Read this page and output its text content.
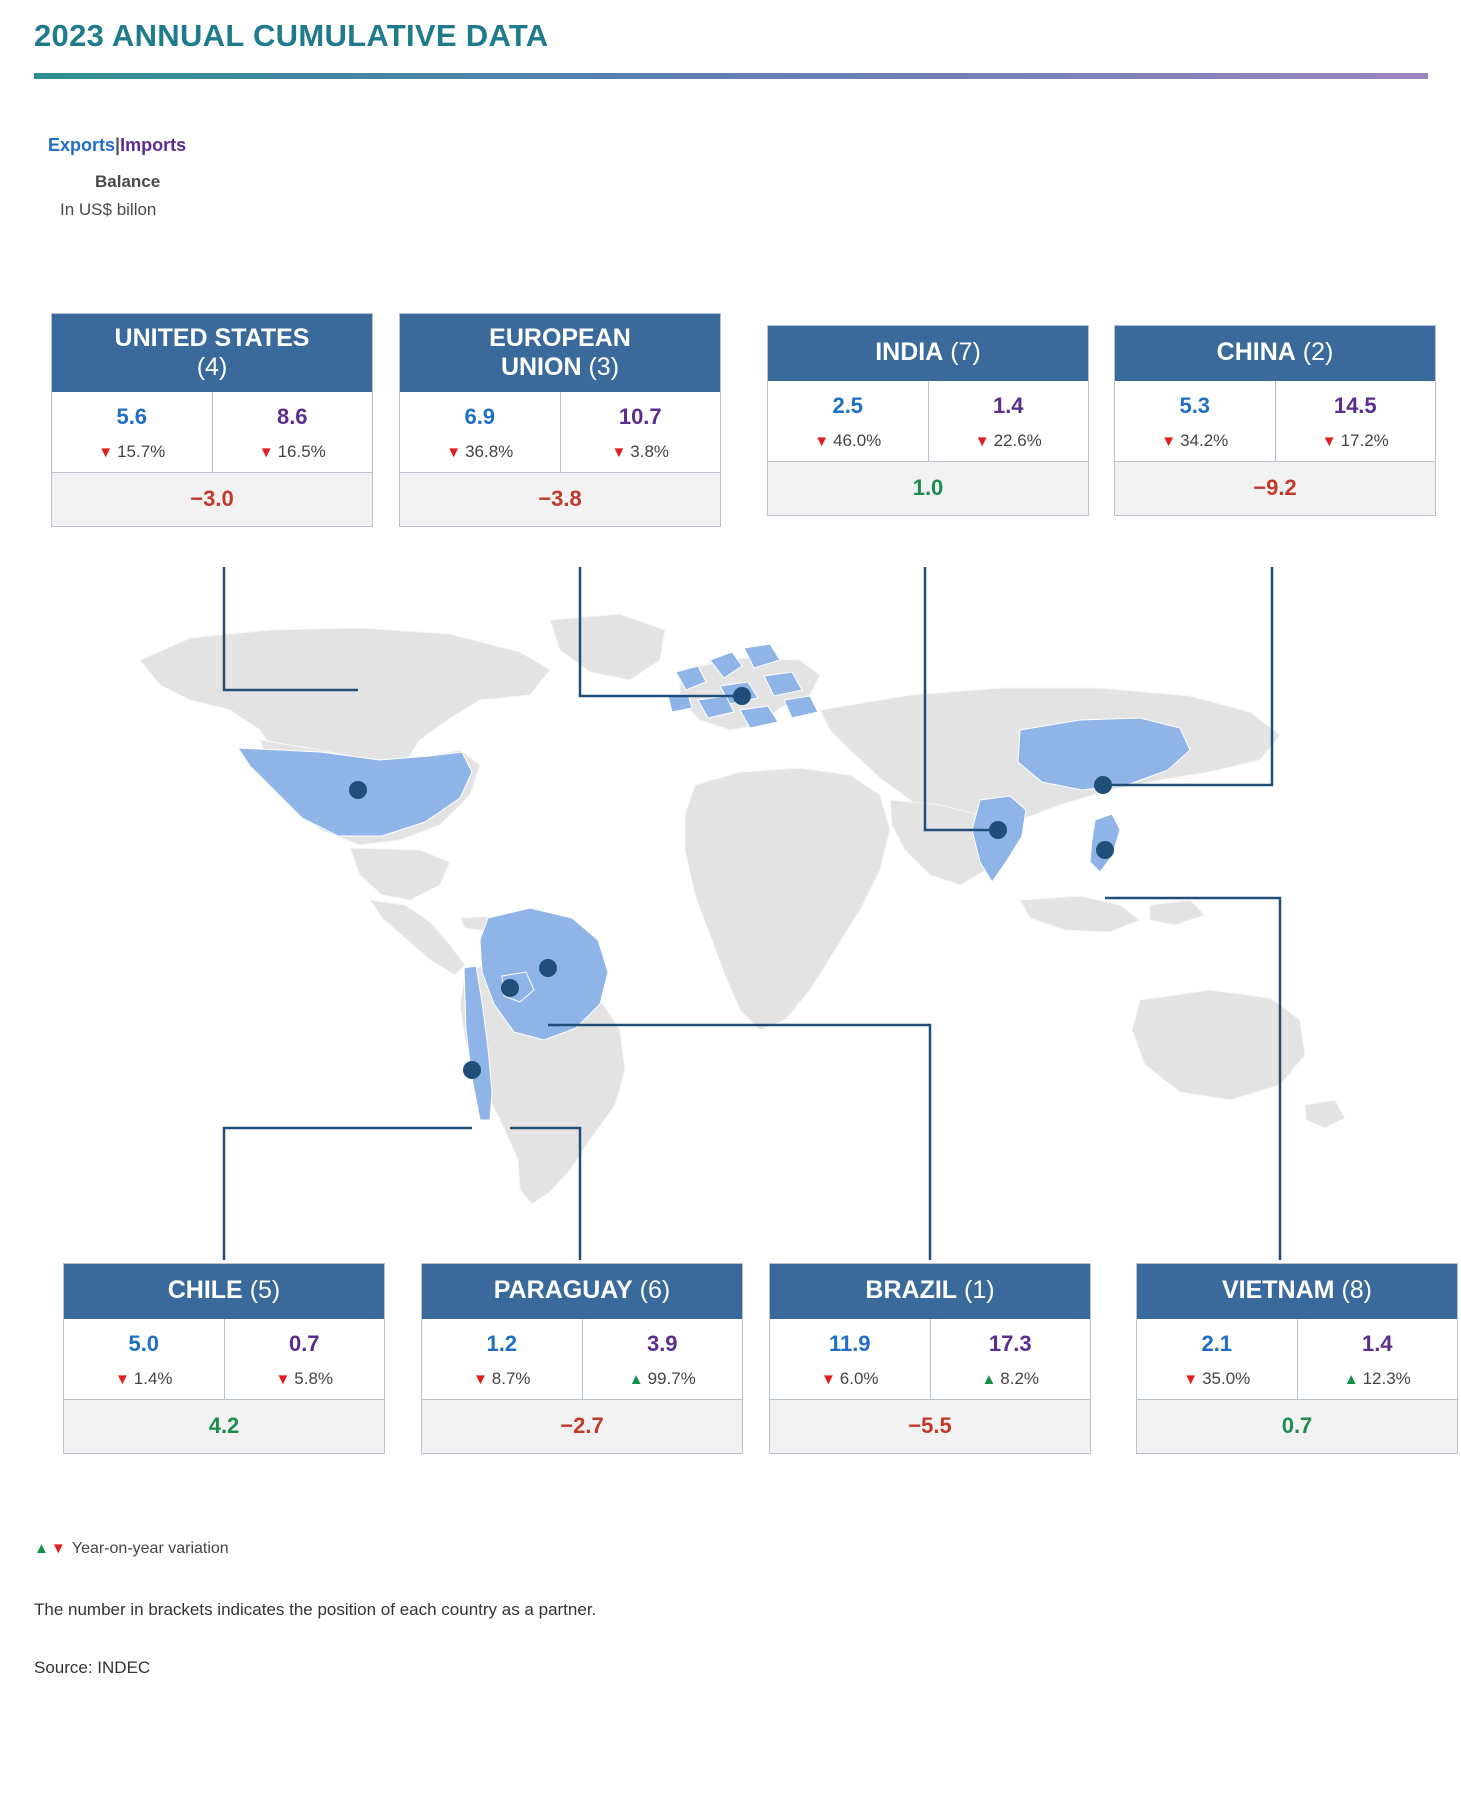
2023 ANNUAL CUMULATIVE DATA
Exports|Imports
Balance
In US$ billon
UNITED STATES
(4)
5.6
▼ 15.7%
8.6
▼ 16.5%
−3.0
EUROPEAN
UNION (3)
6.9
▼ 36.8%
10.7
▼ 3.8%
−3.8
INDIA (7)
2.5
▼ 46.0%
1.4
▼ 22.6%
1.0
CHINA (2)
5.3
▼ 34.2%
14.5
▼ 17.2%
−9.2
CHILE (5)
5.0
▼ 1.4%
0.7
▼ 5.8%
4.2
PARAGUAY (6)
1.2
▼ 8.7%
3.9
▲ 99.7%
−2.7
BRAZIL (1)
11.9
▼ 6.0%
17.3
▲ 8.2%
−5.5
VIETNAM (8)
2.1
▼ 35.0%
1.4
▲ 12.3%
0.7
▲ ▼ Year-on-year variation
The number in brackets indicates the position of each country as a partner.
Source: INDEC
